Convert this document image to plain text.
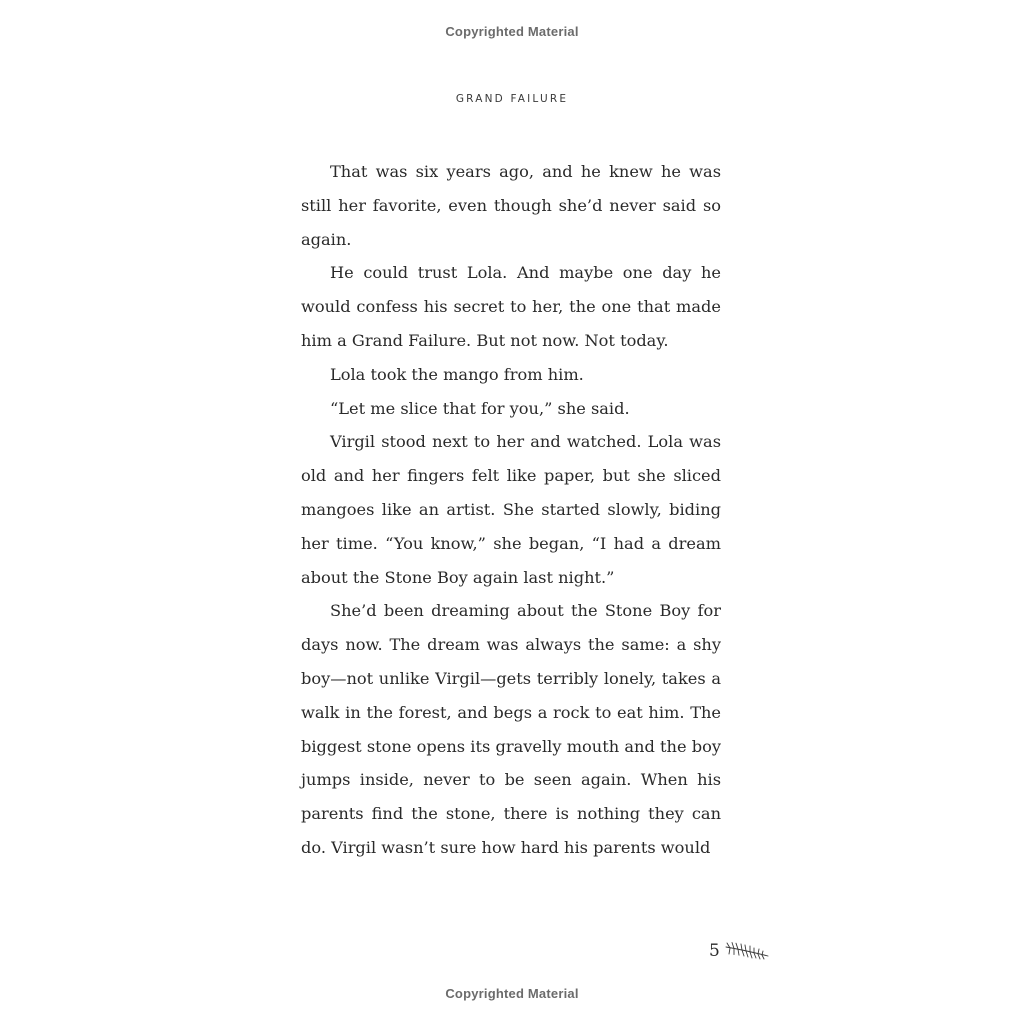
Copyrighted Material
GRAND FAILURE

That was six years ago, and he knew he was still her favorite, even though she’d never said so again.

He could trust Lola. And maybe one day he would confess his secret to her, the one that made him a Grand Failure. But not now. Not today.

Lola took the mango from him.

“Let me slice that for you,” she said.

Virgil stood next to her and watched. Lola was old and her fingers felt like paper, but she sliced mangoes like an artist. She started slowly, biding her time. “You know,” she began, “I had a dream about the Stone Boy again last night.”

She’d been dreaming about the Stone Boy for days now. The dream was always the same: a shy boy—not unlike Virgil—gets terribly lonely, takes a walk in the forest, and begs a rock to eat him. The biggest stone opens its gravelly mouth and the boy jumps inside, never to be seen again. When his parents find the stone, there is nothing they can do. Virgil wasn’t sure how hard his parents would

5
Copyrighted Material
